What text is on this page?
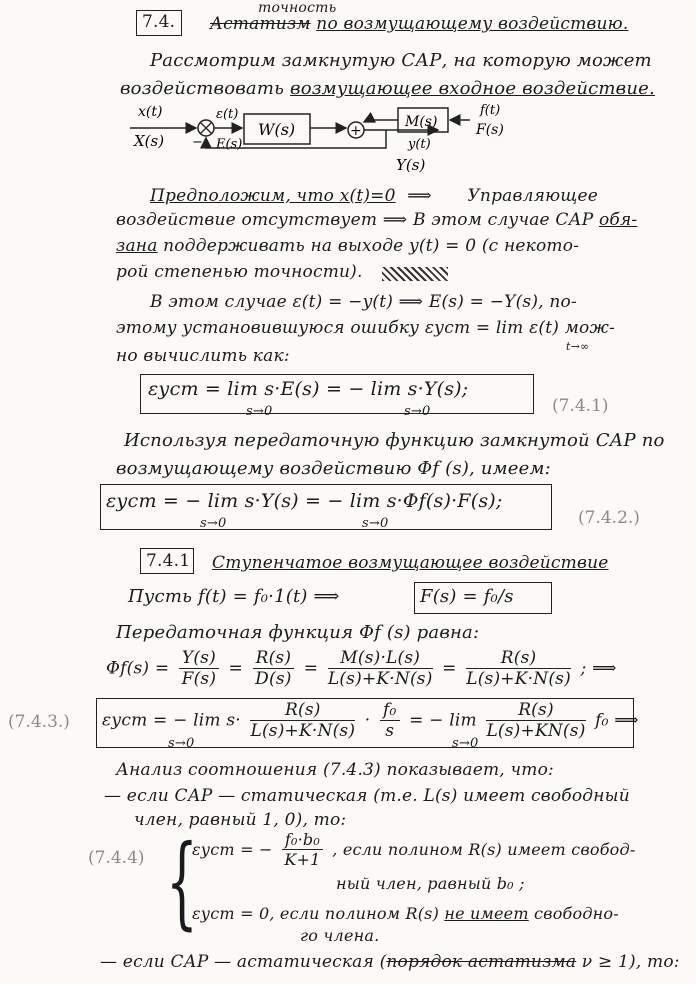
точность
7.4. Астатизм по возмущающему воздействию.
Рассмотрим замкнутую САР, на которую может
воздействовать возмущающее входное воздействие.
x(t)
X(s)
ε(t)
E(s)
W(s)	+
M(s)
f(t)
F(s)
y(t)
Y(s)
−
Предположим, что x(t)=0 ⟹ Управляющее
воздействие отсутствует ⟹ В этом случае САР обя-
зана поддерживать на выходе y(t) = 0 (с некото-
рой степенью точности).
В этом случае ε(t) = −y(t) ⟹ E(s) = −Y(s), по-
этому установившуюся ошибку εуст = lim ε(t) мож-
t→∞
но вычислить как:
εуст = lim s·E(s) = − lim s·Y(s);
s→0	s→0	(7.4.1)
Используя передаточную функцию замкнутой САР по
возмущающему воздействию Φf (s), имеем:
εуст = − lim s·Y(s) = − lim s·Φf(s)·F(s);
s→0	s→0	(7.4.2.)
7.4.1 Ступенчатое возмущающее воздействие
Пусть f(t) = f₀·1(t) ⟹	F(s) = f₀/s
Передаточная функция Φf (s) равна:
$\Phi f(s) = \frac{Y(s)}{F(s)} = \frac{R(s)}{D(s)} = \frac{M(s)\cdot L(s)}{L(s)+K\cdot N(s)} = \frac{R(s)}{L(s)+K\cdot N(s)}$ ; ⟹
(7.4.3.) εуст = − $\lim s\cdot \frac{R(s)}{L(s)+K\cdot N(s)} \cdot \frac{\text{f₀}}{s}$ = − $\lim \frac{R(s)}{L(s)+KN(s)} f_0$ ⟹
s→0	s→0
Анализ соотношения (7.4.3) показывает, что:
— если САР — статическая (т.е. L(s) имеет свободный
член, равный 1, 0), то:
(7.4.4) {
εуст = − $\frac{\text{f₀·b₀}}{K+1}$ , если полином R(s) имеет свобод-
ный член, равный b₀ ;
εуст = 0, если полином R(s) не имеет свободно-
го члена.
— если САР — астатическая (порядок астатизма ν ≥ 1), то:
